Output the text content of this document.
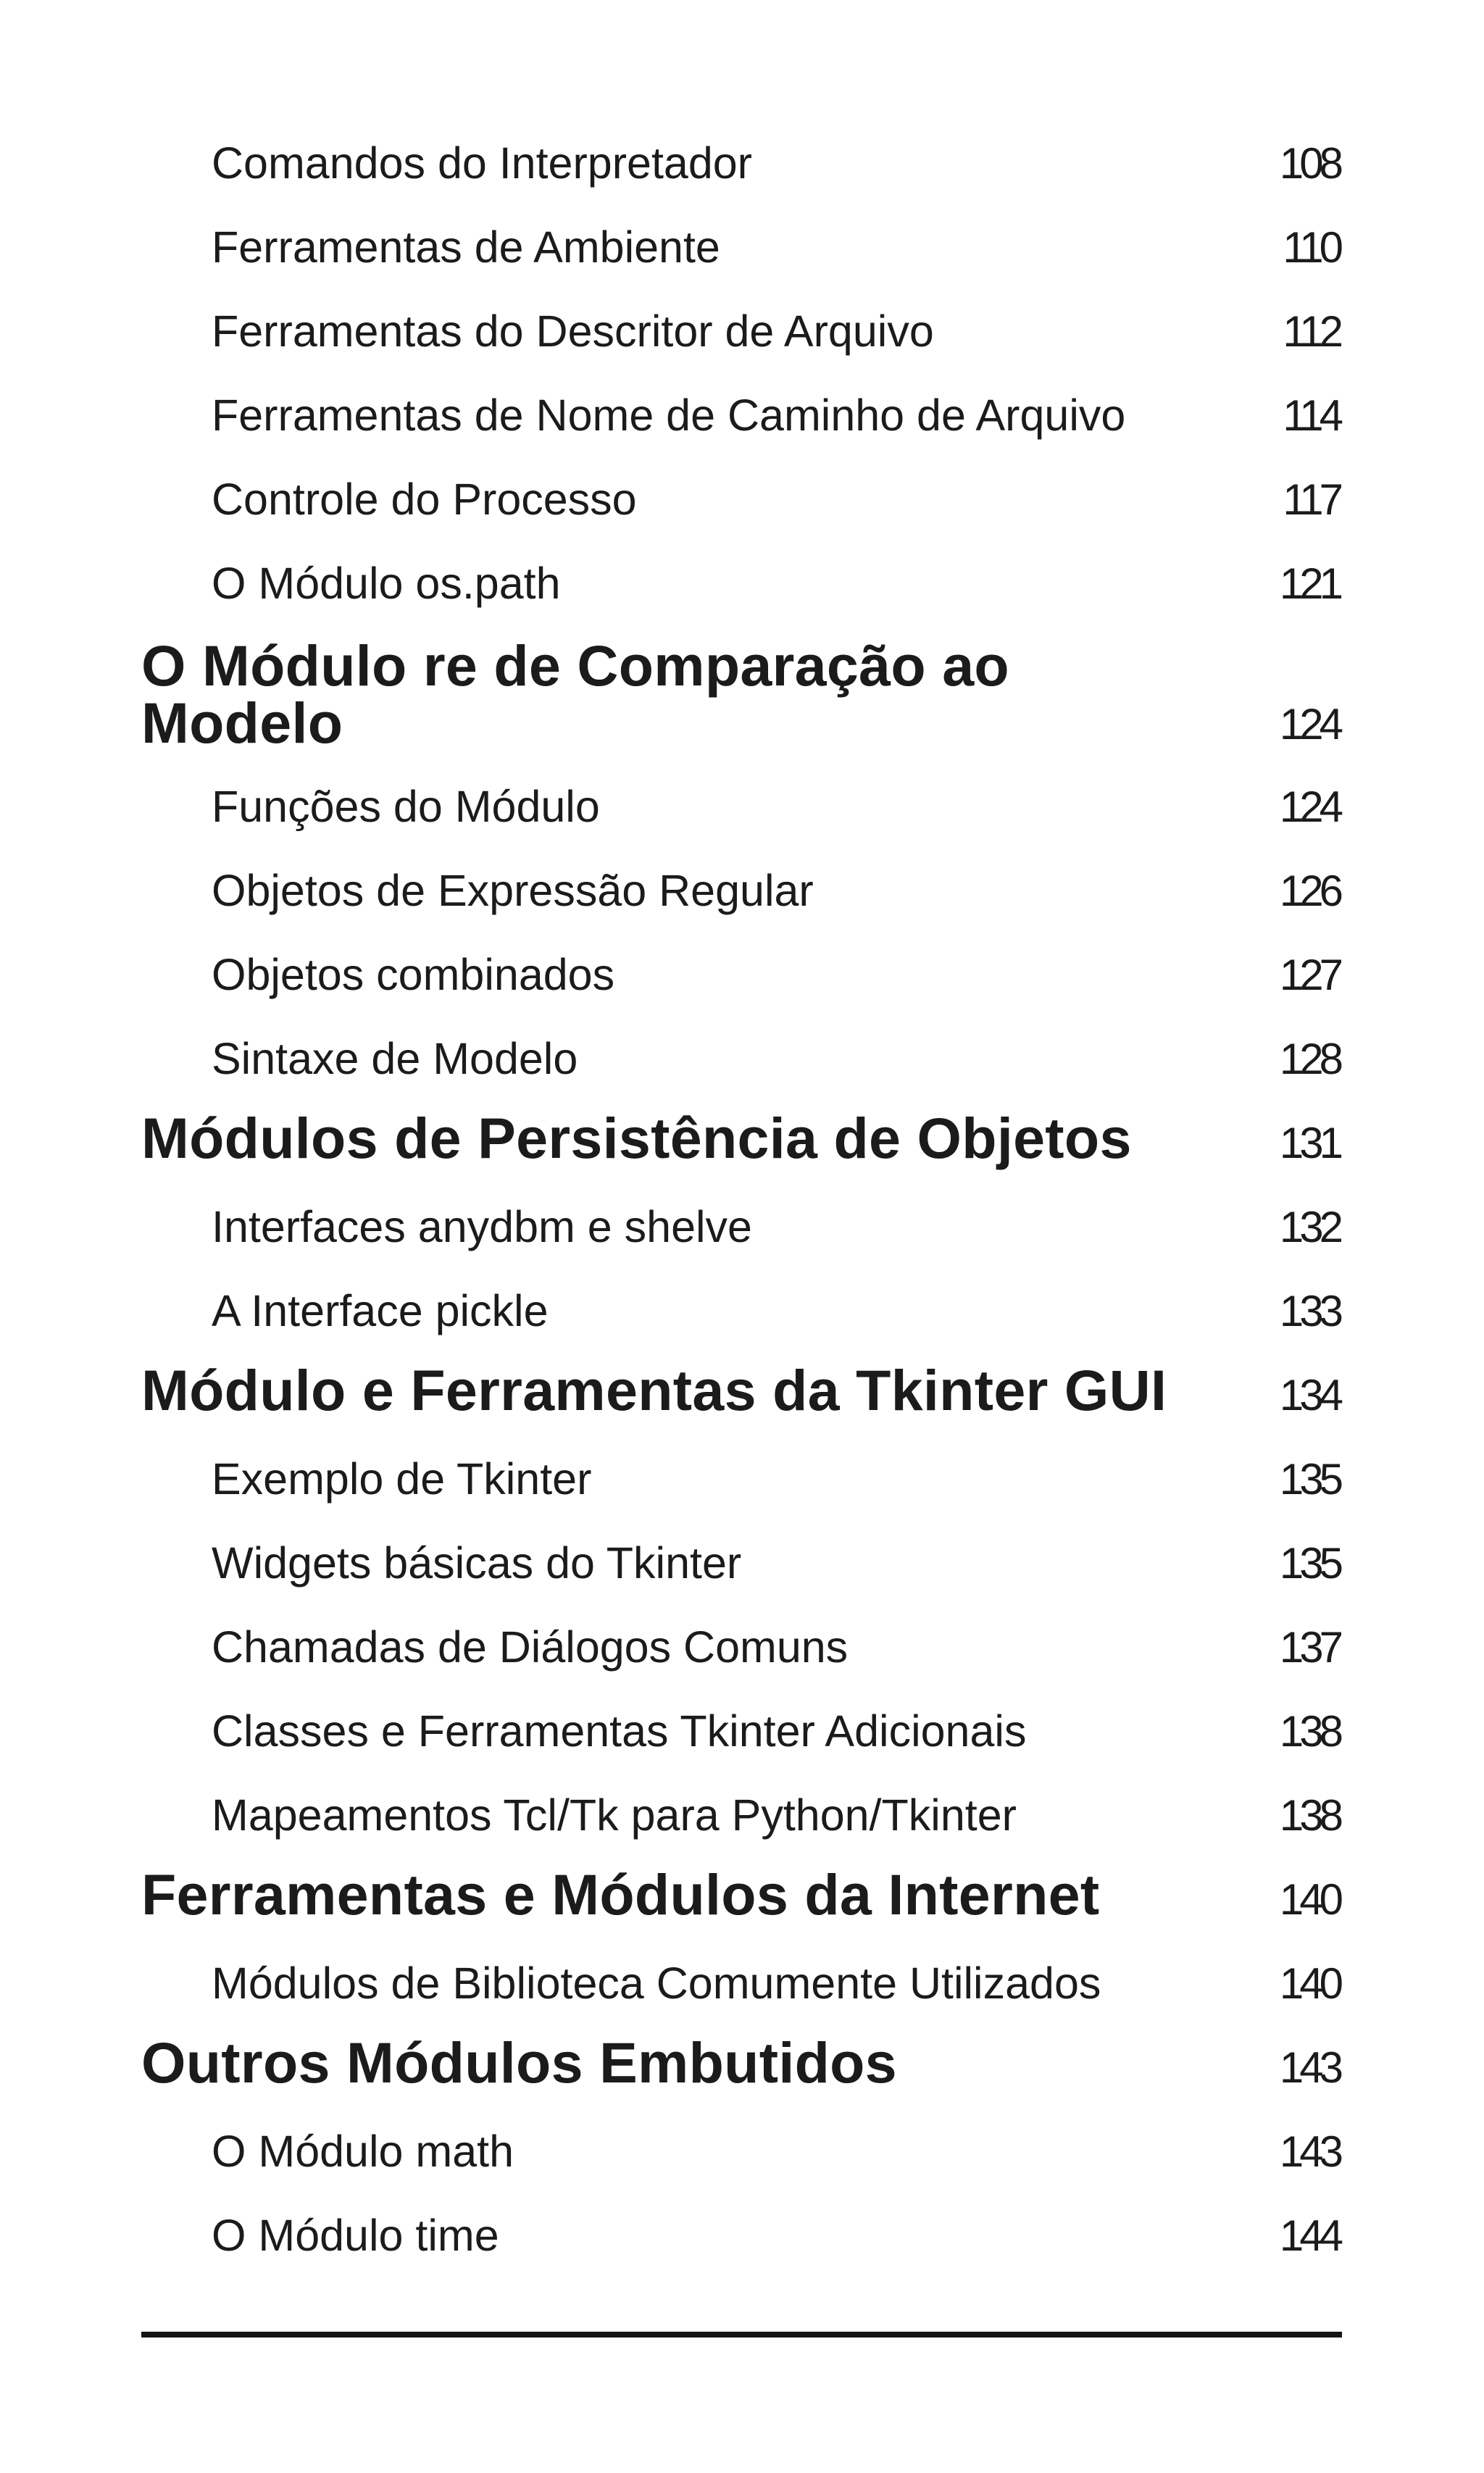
Comandos do Interpretador	108
Ferramentas de Ambiente	110
Ferramentas do Descritor de Arquivo	112
Ferramentas de Nome de Caminho de Arquivo	114
Controle do Processo	117
O Módulo os.path	121
O Módulo re de Comparação ao Modelo	124
Funções do Módulo	124
Objetos de Expressão Regular	126
Objetos combinados	127
Sintaxe de Modelo	128
Módulos de Persistência de Objetos	131
Interfaces anydbm e shelve	132
A Interface pickle	133
Módulo e Ferramentas da Tkinter GUI	134
Exemplo de Tkinter	135
Widgets básicas do Tkinter	135
Chamadas de Diálogos Comuns	137
Classes e Ferramentas Tkinter Adicionais	138
Mapeamentos Tcl/Tk para Python/Tkinter	138
Ferramentas e Módulos da Internet	140
Módulos de Biblioteca Comumente Utilizados	140
Outros Módulos Embutidos	143
O Módulo math	143
O Módulo time	144
